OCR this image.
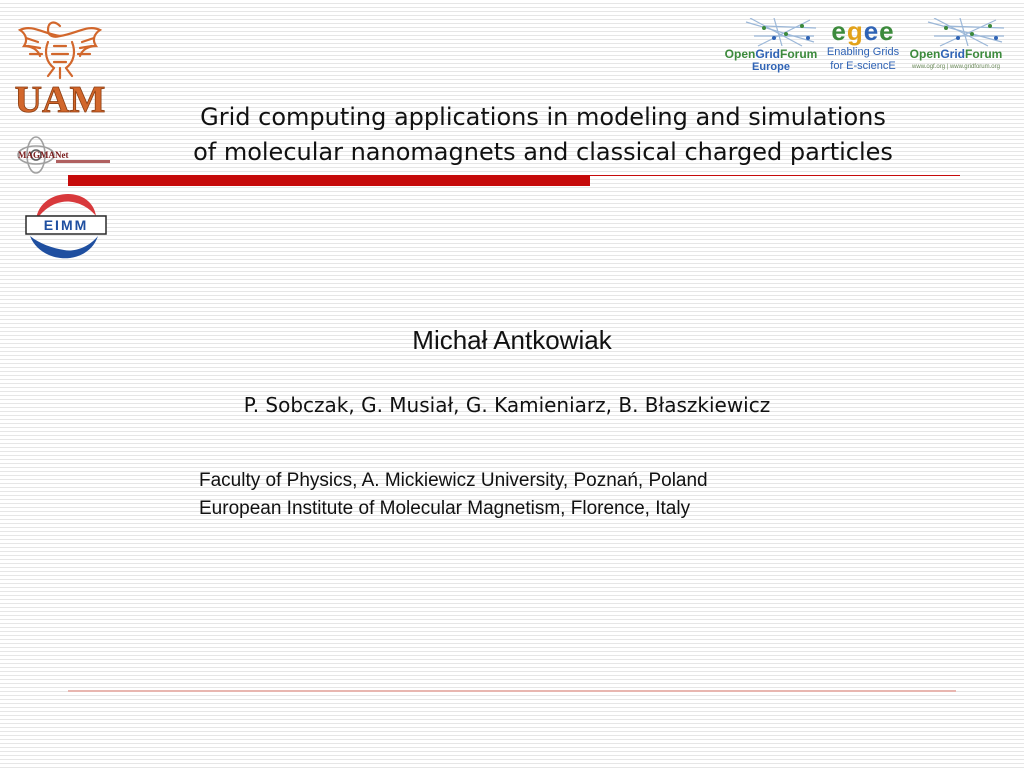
UAM
MAGMANet
EIMM
OpenGridForum
Europe
egee
Enabling Grids
for E-sciencE
OpenGridForum
www.ogf.org | www.gridforum.org
Grid computing applications in modeling and simulations
of molecular nanomagnets and classical charged particles
Michał Antkowiak
P. Sobczak, G. Musiał, G. Kamieniarz, B. Błaszkiewicz
Faculty of Physics, A. Mickiewicz University, Poznań, Poland
European Institute of Molecular Magnetism, Florence, Italy
